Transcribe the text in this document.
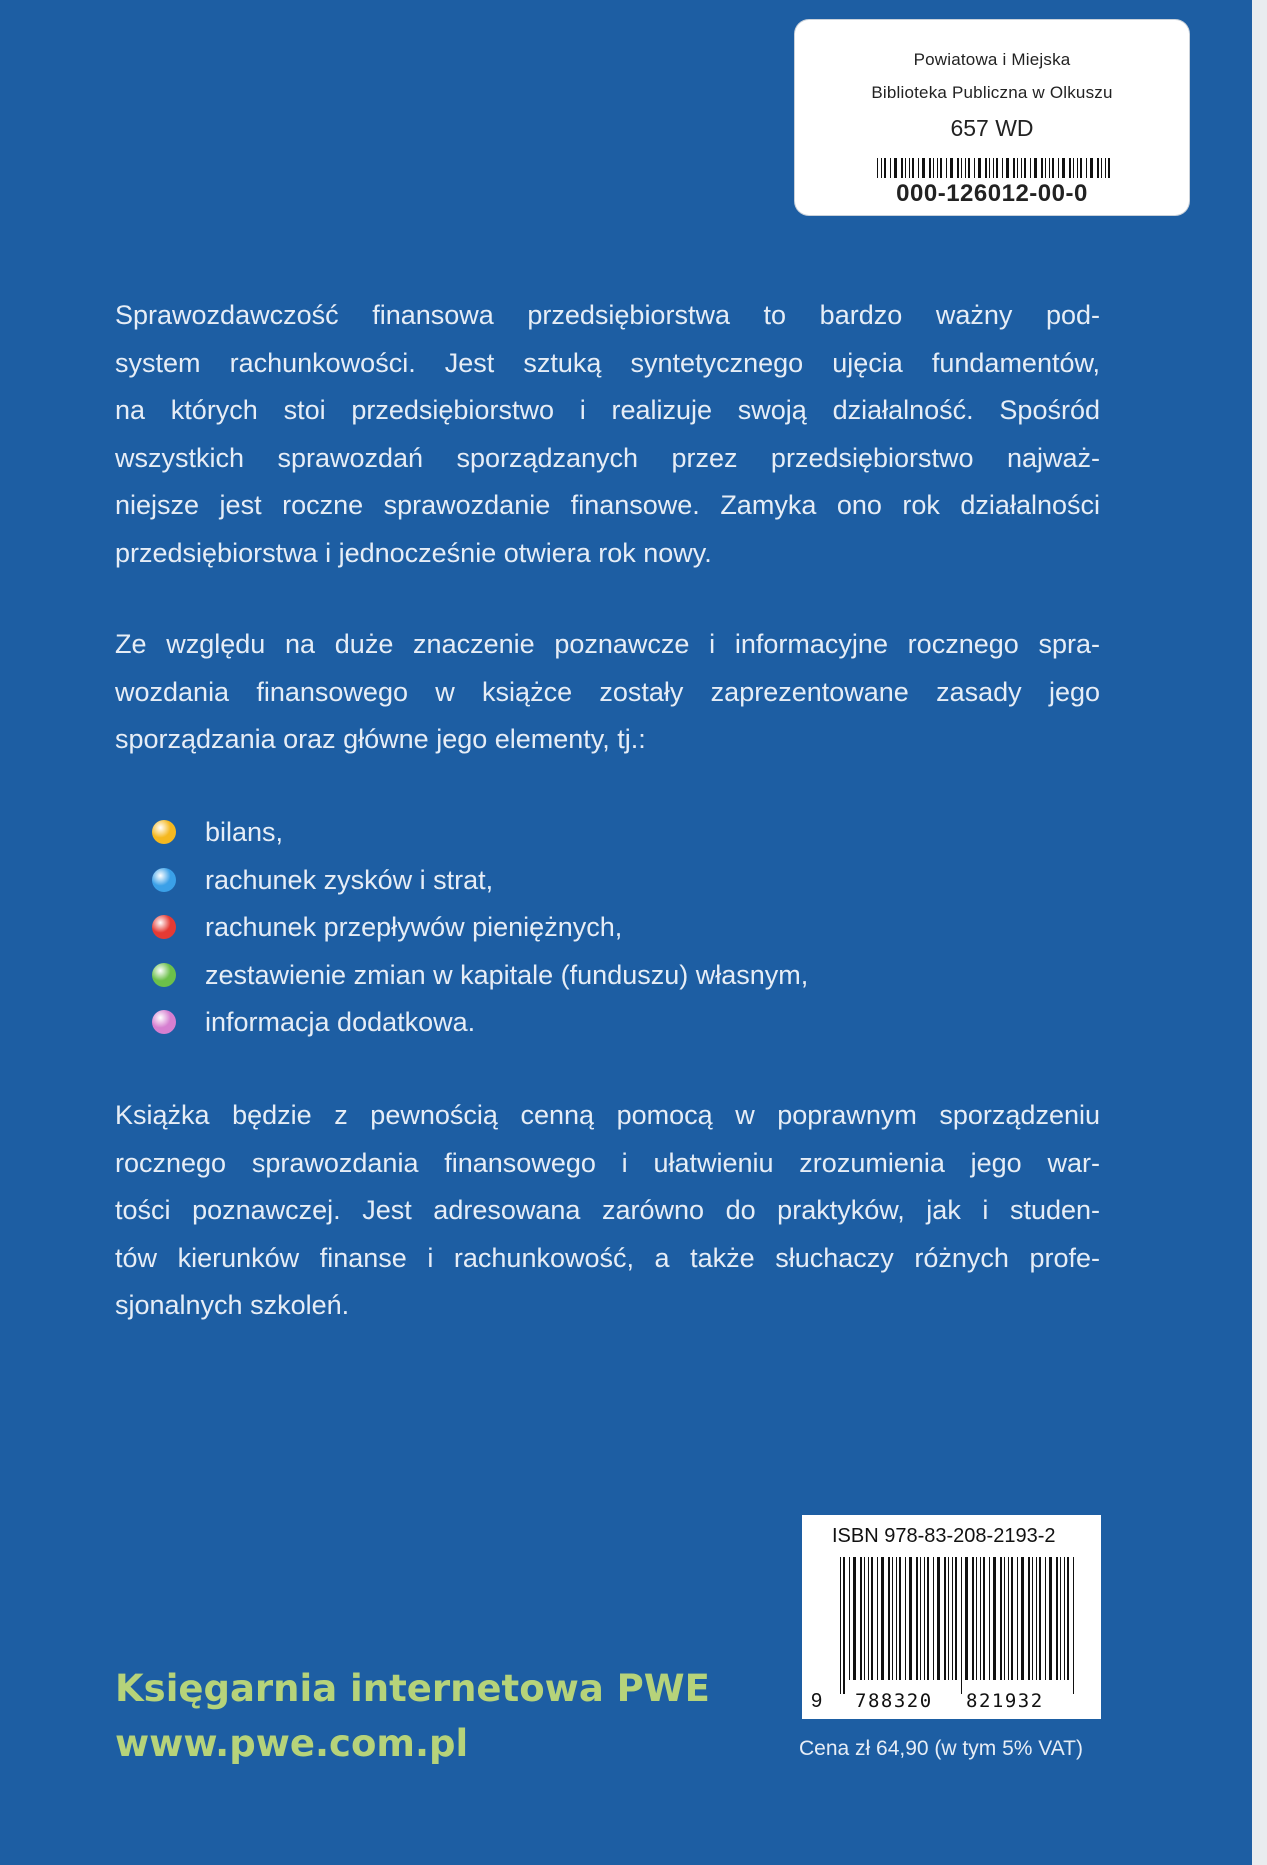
Powiatowa i Miejska
Biblioteka Publiczna w Olkuszu
657 WD
000-126012-00-0
Sprawozdawczość finansowa przedsiębiorstwa to bardzo ważny pod-
system rachunkowości. Jest sztuką syntetycznego ujęcia fundamentów,
na których stoi przedsiębiorstwo i realizuje swoją działalność. Spośród
wszystkich sprawozdań sporządzanych przez przedsiębiorstwo najważ-
niejsze jest roczne sprawozdanie finansowe. Zamyka ono rok działalności
przedsiębiorstwa i jednocześnie otwiera rok nowy.
Ze względu na duże znaczenie poznawcze i informacyjne rocznego spra-
wozdania finansowego w książce zostały zaprezentowane zasady jego
sporządzania oraz główne jego elementy, tj.:
bilans,
rachunek zysków i strat,
rachunek przepływów pieniężnych,
zestawienie zmian w kapitale (funduszu) własnym,
informacja dodatkowa.
Książka będzie z pewnością cenną pomocą w poprawnym sporządzeniu
rocznego sprawozdania finansowego i ułatwieniu zrozumienia jego war-
tości poznawczej. Jest adresowana zarówno do praktyków, jak i studen-
tów kierunków finanse i rachunkowość, a także słuchaczy różnych profe-
sjonalnych szkoleń.
Księgarnia internetowa PWE
www.pwe.com.pl
ISBN 978-83-208-2193-2
9 788320 821932
Cena zł 64,90 (w tym 5% VAT)
